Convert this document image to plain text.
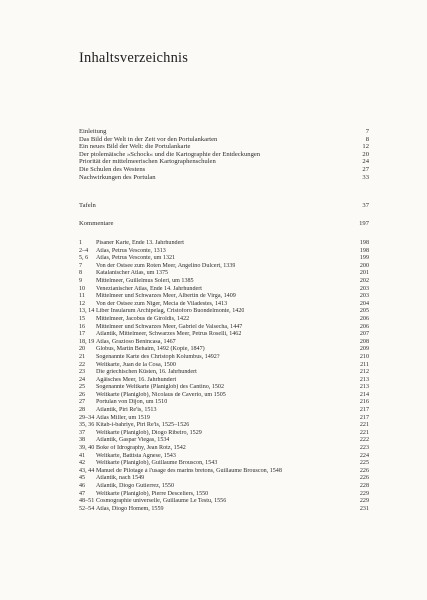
Inhaltsverzeichnis
Einleitung	7
Das Bild der Welt in der Zeit vor den Portulankarten	8
Ein neues Bild der Welt: die Portulankarte	12
Der ptolemäische »Schock« und die Kartographie der Entdeckungen	20
Priorität der mittelmeerischen Kartographenschulen	24
Die Schulen des Westens	27
Nachwirkungen des Portulan	33
Tafeln	37
Kommentare	197
1	Pisaner Karte, Ende 13. Jahrhundert	198
2–4	Atlas, Petrus Vesconte, 1313	198
5, 6	Atlas, Petrus Vesconte, um 1321	199
7	Von der Ostsee zum Roten Meer, Angelino Dulcert, 1339	200
8	Katalanischer Atlas, um 1375	201
9	Mittelmeer, Guillelmus Soleri, um 1385	202
10	Venezianischer Atlas, Ende 14. Jahrhundert	203
11	Mittelmeer und Schwarzes Meer, Albertin de Virga, 1409	203
12	Von der Ostsee zum Niger, Mecia de Viladestes, 1413	204
13, 14 Liber Insularum Archipelag, Cristoforo Buondelmonte, 1420	205
15	Mittelmeer, Jacobus de Giroldis, 1422	206
16	Mittelmeer und Schwarzes Meer, Gabriel de Valsecha, 1447	206
17	Atlantik, Mittelmeer, Schwarzes Meer, Petrus Roselli, 1462	207
18, 19 Atlas, Grazioso Benincasa, 1467	208
20	Globus, Martin Behaim, 1492 (Kopie, 1847)	209
21	Sogenannte Karte des Christoph Kolumbus, 1492?	210
22	Weltkarte, Juan de la Cosa, 1500	211
23	Die griechischen Küsten, 16. Jahrhundert	212
24	Ägäisches Meer, 16. Jahrhundert	213
25	Sogenannte Weltkarte (Planiglob) des Cantino, 1502	213
26	Weltkarte (Planiglob), Nicolaus de Caverio, um 1505	214
27	Portulan von Dijon, um 1510	216
28	Atlantik, Piri Re'is, 1513	217
29–34 Atlas Miller, um 1519	217
35, 36 Kitab-i-bahriye, Piri Re'is, 1525–1526	221
37	Weltkarte (Planiglob), Diogo Ribeiro, 1529	221
38	Atlantik, Gaspar Viegas, 1534	222
39, 40 Boke of Idrography, Jean Rotz, 1542	223
41	Weltkarte, Battista Agnese, 1543	224
42	Weltkarte (Planiglob), Guillaume Brouscon, 1543	225
43, 44 Manuel de Pilotage à l'usage des marins bretons, Guillaume Brouscon, 1548	226
45	Atlantik, nach 1549	226
46	Atlantik, Diogo Gutierrez, 1550	228
47	Weltkarte (Planiglob), Pierre Desceliers, 1550	229
48–51 Cosmographie universelle, Guillaume Le Testu, 1556	229
52–54 Atlas, Diogo Homem, 1559	231
